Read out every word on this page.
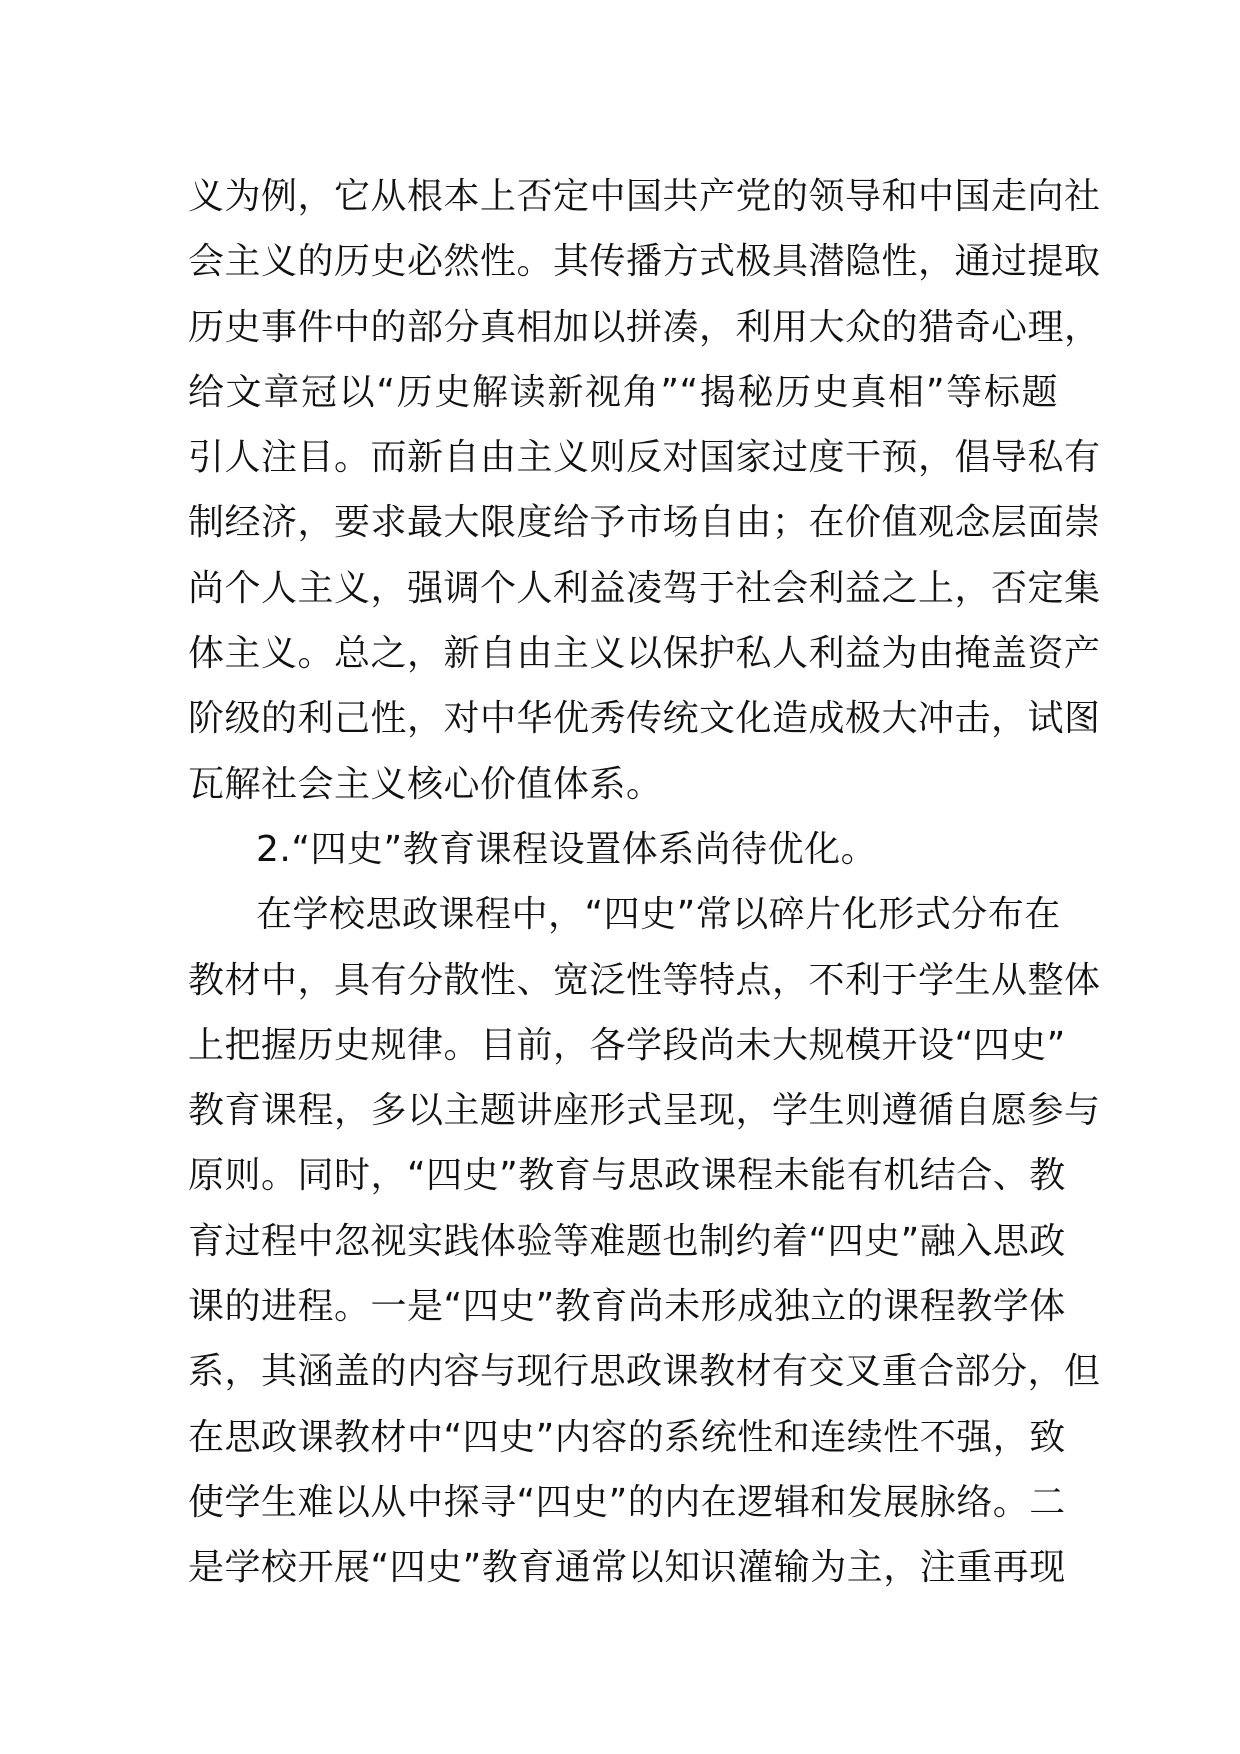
义为例，它从根本上否定中国共产党的领导和中国走向社
会主义的历史必然性。其传播方式极具潜隐性，通过提取
历史事件中的部分真相加以拼凑，利用大众的猎奇心理，
给文章冠以“历史解读新视角”“揭秘历史真相”等标题
引人注目。而新自由主义则反对国家过度干预，倡导私有
制经济，要求最大限度给予市场自由；在价值观念层面崇
尚个人主义，强调个人利益凌驾于社会利益之上，否定集
体主义。总之，新自由主义以保护私人利益为由掩盖资产
阶级的利己性，对中华优秀传统文化造成极大冲击，试图
瓦解社会主义核心价值体系。
2.“四史”教育课程设置体系尚待优化。
在学校思政课程中，“四史”常以碎片化形式分布在
教材中，具有分散性、宽泛性等特点，不利于学生从整体
上把握历史规律。目前，各学段尚未大规模开设“四史”
教育课程，多以主题讲座形式呈现，学生则遵循自愿参与
原则。同时，“四史”教育与思政课程未能有机结合、教
育过程中忽视实践体验等难题也制约着“四史”融入思政
课的进程。一是“四史”教育尚未形成独立的课程教学体
系，其涵盖的内容与现行思政课教材有交叉重合部分，但
在思政课教材中“四史”内容的系统性和连续性不强，致
使学生难以从中探寻“四史”的内在逻辑和发展脉络。二
是学校开展“四史”教育通常以知识灌输为主，注重再现
